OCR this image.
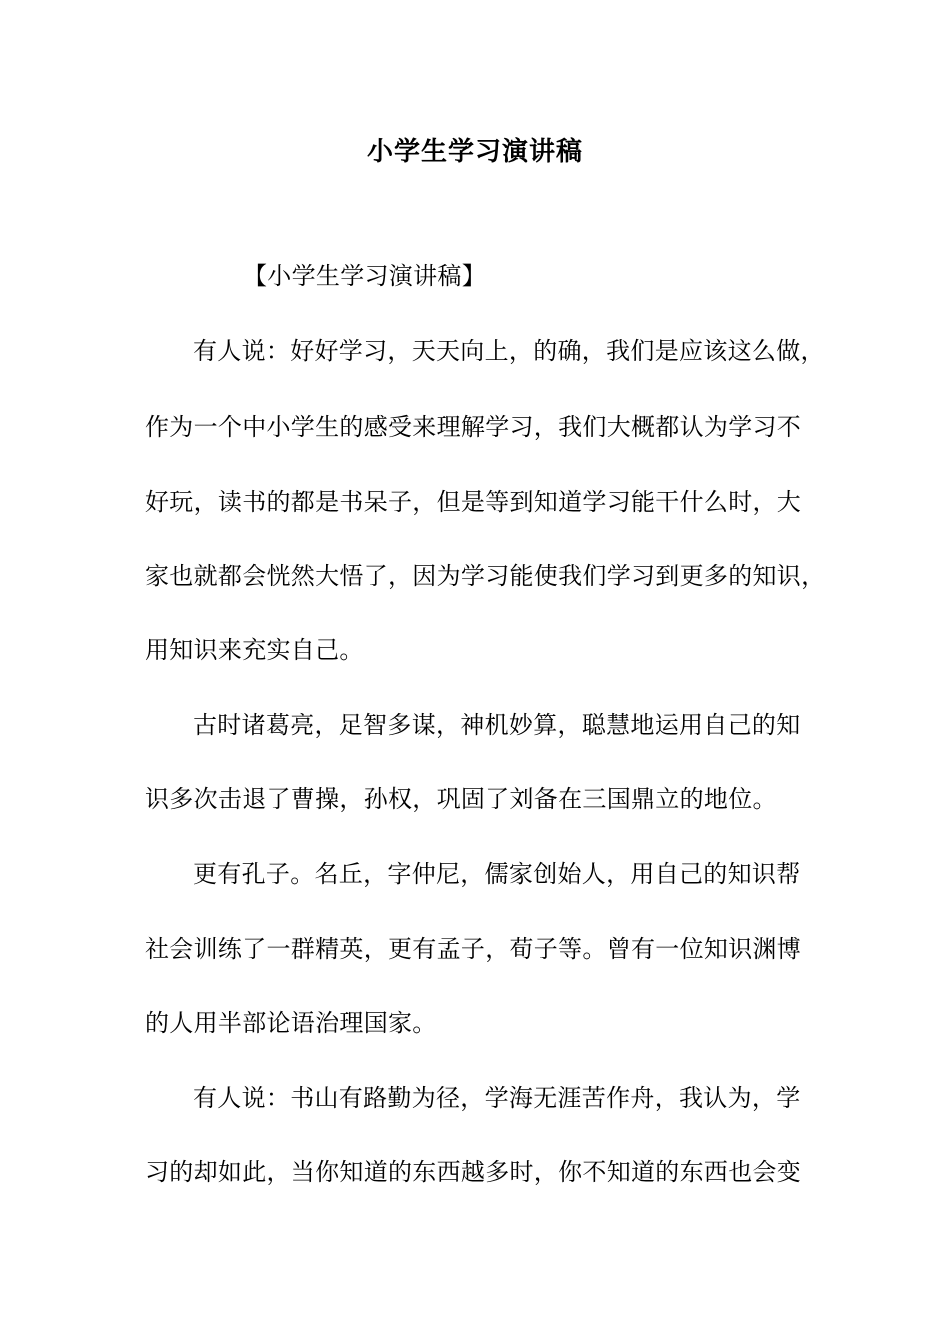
小学生学习演讲稿
【小学生学习演讲稿】
有人说：好好学习，天天向上，的确，我们是应该这么做，
作为一个中小学生的感受来理解学习，我们大概都认为学习不
好玩，读书的都是书呆子，但是等到知道学习能干什么时，大
家也就都会恍然大悟了，因为学习能使我们学习到更多的知识，
用知识来充实自己。
古时诸葛亮，足智多谋，神机妙算，聪慧地运用自己的知
识多次击退了曹操，孙权，巩固了刘备在三国鼎立的地位。
更有孔子。名丘，字仲尼，儒家创始人，用自己的知识帮
社会训练了一群精英，更有孟子，荀子等。曾有一位知识渊博
的人用半部论语治理国家。
有人说：书山有路勤为径，学海无涯苦作舟，我认为，学
习的却如此，当你知道的东西越多时，你不知道的东西也会变
